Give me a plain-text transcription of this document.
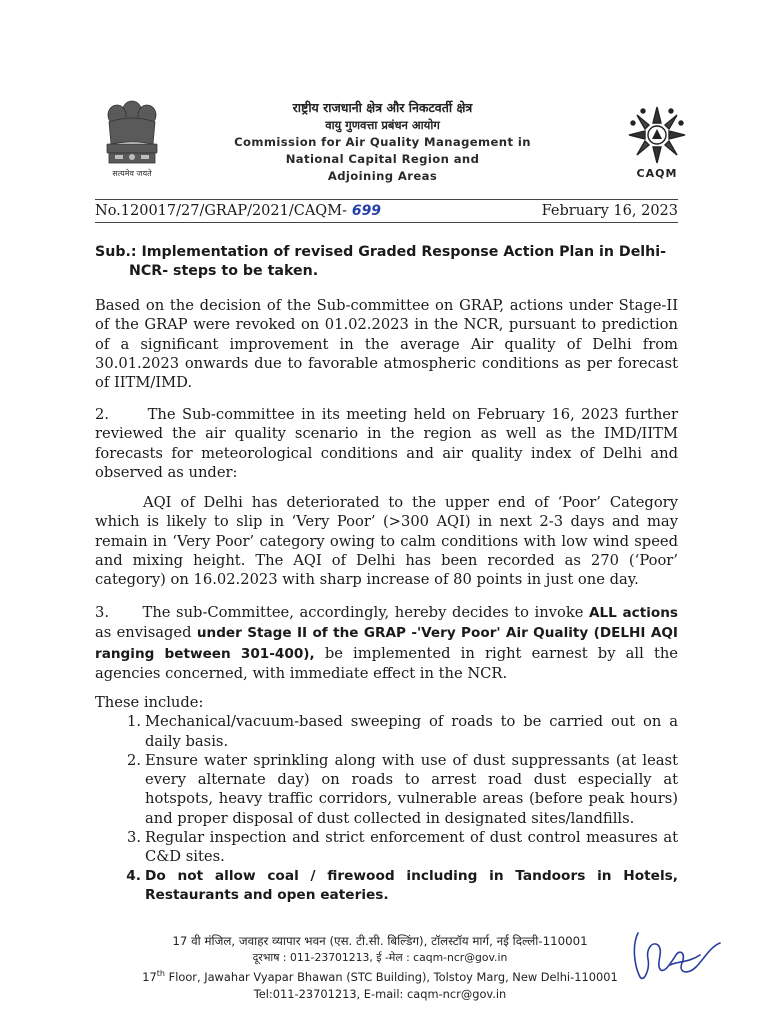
सत्यमेव जयते
राष्ट्रीय राजधानी क्षेत्र और निकटवर्ती क्षेत्र
वायु गुणवत्ता प्रबंधन आयोग
Commission for Air Quality Management in
National Capital Region and
Adjoining Areas	CAQM
No.120017/27/GRAP/2021/CAQM- 699	February 16, 2023
Sub.: Implementation of revised Graded Response Action Plan in Delhi-
NCR- steps to be taken.
Based on the decision of the Sub-committee on GRAP, actions under Stage-II of the GRAP were revoked on 01.02.2023 in the NCR, pursuant to prediction of a significant improvement in the average Air quality of Delhi from 30.01.2023 onwards due to favorable atmospheric conditions as per forecast of IITM/IMD.
2.      The Sub-committee in its meeting held on February 16, 2023 further reviewed the air quality scenario in the region as well as the IMD/IITM forecasts for meteorological conditions and air quality index of Delhi and observed as under:
AQI of Delhi has deteriorated to the upper end of ‘Poor’ Category which is likely to slip in ‘Very Poor’ (>300 AQI) in next 2-3 days and may remain in ‘Very Poor’ category owing to calm conditions with low wind speed and mixing height. The AQI of Delhi has been recorded as 270 (‘Poor’ category) on 16.02.2023 with sharp increase of 80 points in just one day.
3.      The sub-Committee, accordingly, hereby decides to invoke ALL actions as envisaged under Stage II of the GRAP -'Very Poor' Air Quality (DELHI AQI ranging between 301-400), be implemented in right earnest by all the agencies concerned, with immediate effect in the NCR.
These include:
1. Mechanical/vacuum-based sweeping of roads to be carried out on a daily basis.
2. Ensure water sprinkling along with use of dust suppressants (at least every alternate day) on roads to arrest road dust especially at hotspots, heavy traffic corridors, vulnerable areas (before peak hours) and proper disposal of dust collected in designated sites/landfills.
3. Regular inspection and strict enforcement of dust control measures at C&D sites.
4. Do not allow coal / firewood including in Tandoors in Hotels, Restaurants and open eateries.
17 वी मंजिल, जवाहर व्यापार भवन (एस. टी.सी. बिल्डिंग), टॉलस्टॉय मार्ग, नई दिल्ली-110001
दूरभाष : 011-23701213, ई -मेल : caqm-ncr@gov.in
17th Floor, Jawahar Vyapar Bhawan (STC Building), Tolstoy Marg, New Delhi-110001
Tel:011-23701213, E-mail: caqm-ncr@gov.in
